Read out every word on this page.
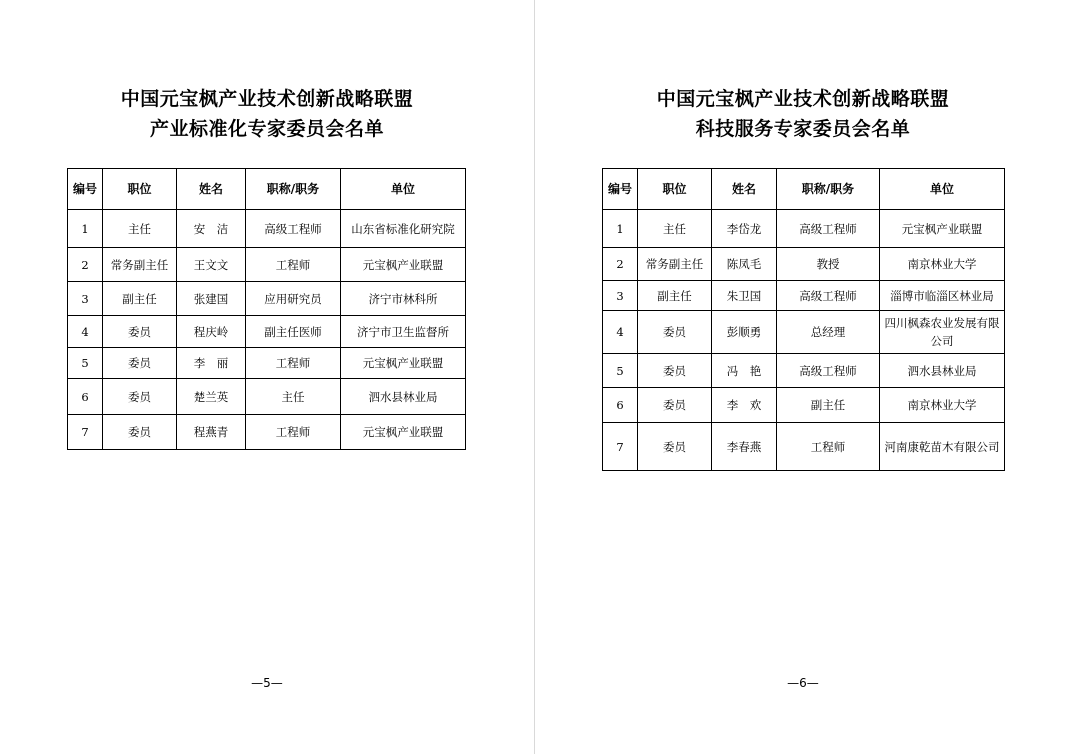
中国元宝枫产业技术创新战略联盟
产业标准化专家委员会名单
编号	职位	姓名	职称/职务	单位
1	主任	安　洁	高级工程师	山东省标准化研究院
2	常务副主任	王文文	工程师	元宝枫产业联盟
3	副主任	张建国	应用研究员	济宁市林科所
4	委员	程庆岭	副主任医师	济宁市卫生监督所
5	委员	李　丽	工程师	元宝枫产业联盟
6	委员	楚兰英	主任	泗水县林业局
7	委员	程燕青	工程师	元宝枫产业联盟
—5—
中国元宝枫产业技术创新战略联盟
科技服务专家委员会名单
编号	职位	姓名	职称/职务	单位
1	主任	李岱龙	高级工程师	元宝枫产业联盟
2	常务副主任	陈凤毛	教授	南京林业大学
3	副主任	朱卫国	高级工程师	淄博市临淄区林业局
4	委员	彭顺勇	总经理	四川枫森农业发展有限公司
5	委员	冯　艳	高级工程师	泗水县林业局
6	委员	李　欢	副主任	南京林业大学
7	委员	李春燕	工程师	河南康乾苗木有限公司
—6—
